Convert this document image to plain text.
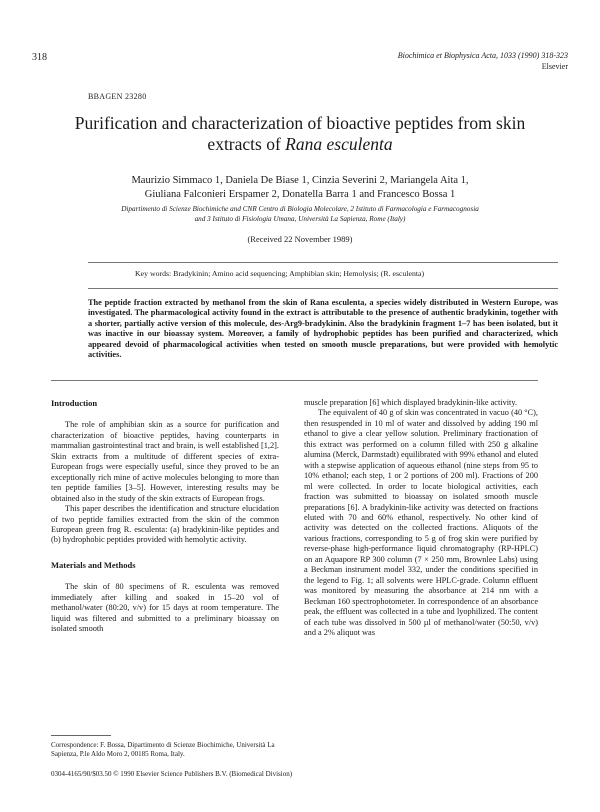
318	Biochimica et Biophysica Acta, 1033 (1990) 318-323
Elsevier
BBAGEN 23280
Purification and characterization of bioactive peptides from skin
extracts of Rana esculenta
Maurizio Simmaco 1, Daniela De Biase 1, Cinzia Severini 2, Mariangela Aita 1,
Giuliana Falconieri Erspamer 2, Donatella Barra 1 and Francesco Bossa 1
Dipartimento di Scienze Biochimiche and CNR Centro di Biologia Molecolare, 2 Istituto di Farmacologia e Farmacognosia
and 3 Istituto di Fisiologia Umana, Università La Sapienza, Rome (Italy)
(Received 22 November 1989)
Key words: Bradykinin; Amino acid sequencing; Amphibian skin; Hemolysis; (R. esculenta)
The peptide fraction extracted by methanol from the skin of Rana esculenta, a species widely distributed in Western Europe, was investigated. The pharmacological activity found in the extract is attributable to the presence of authentic bradykinin, together with a shorter, partially active version of this molecule, des-Arg9-bradykinin. Also the bradykinin fragment 1–7 has been isolated, but it was inactive in our bioassay system. Moreover, a family of hydrophobic peptides has been purified and characterized, which appeared devoid of pharmacological activities when tested on smooth muscle preparations, but were provided with hemolytic activities.
Introduction

The role of amphibian skin as a source for purification and characterization of bioactive peptides, having counterparts in mammalian gastrointestinal tract and brain, is well established [1,2]. Skin extracts from a multitude of different species of extra-European frogs were especially useful, since they proved to be an exceptionally rich mine of active molecules belonging to more than ten peptide families [3–5]. However, interesting results may be obtained also in the study of the skin extracts of European frogs.

This paper describes the identification and structure elucidation of two peptide families extracted from the skin of the common European green frog R. esculenta: (a) bradykinin-like peptides and (b) hydrophobic peptides provided with hemolytic activity.

Materials and Methods

The skin of 80 specimens of R. esculenta was removed immediately after killing and soaked in 15–20 vol of methanol/water (80:20, v/v) for 15 days at room temperature. The liquid was filtered and submitted to a preliminary bioassay on isolated smooth

muscle preparation [6] which displayed bradykinin-like activity.

The equivalent of 40 g of skin was concentrated in vacuo (40 °C), then resuspended in 10 ml of water and dissolved by adding 190 ml ethanol to give a clear yellow solution. Preliminary fractionation of this extract was performed on a column filled with 250 g alkaline alumina (Merck, Darmstadt) equilibrated with 99% ethanol and eluted with a stepwise application of aqueous ethanol (nine steps from 95 to 10% ethanol; each step, 1 or 2 portions of 200 ml). Fractions of 200 ml were collected. In order to locate biological activities, each fraction was submitted to bioassay on isolated smooth muscle preparations [6]. A bradykinin-like activity was detected on fractions eluted with 70 and 60% ethanol, respectively. No other kind of activity was detected on the collected fractions. Aliquots of the various fractions, corresponding to 5 g of frog skin were purified by reverse-phase high-performance liquid chromatography (RP-HPLC) on an Aquapore RP 300 column (7 × 250 mm, Brownlee Labs) using a Beckman instrument model 332, under the conditions specified in the legend to Fig. 1; all solvents were HPLC-grade. Column effluent was monitored by measuring the absorbance at 214 nm with a Beckman 160 spectrophotometer. In correspondence of an absorbance peak, the effluent was collected in a tube and lyophilized. The content of each tube was dissolved in 500 µl of methanol/water (50:50, v/v) and a 2% aliquot was

Correspondence: F. Bossa, Dipartimento di Scienze Biochimiche, Università La Sapienza, P.le Aldo Moro 2, 00185 Roma, Italy.
0304-4165/90/$03.50 © 1990 Elsevier Science Publishers B.V. (Biomedical Division)
